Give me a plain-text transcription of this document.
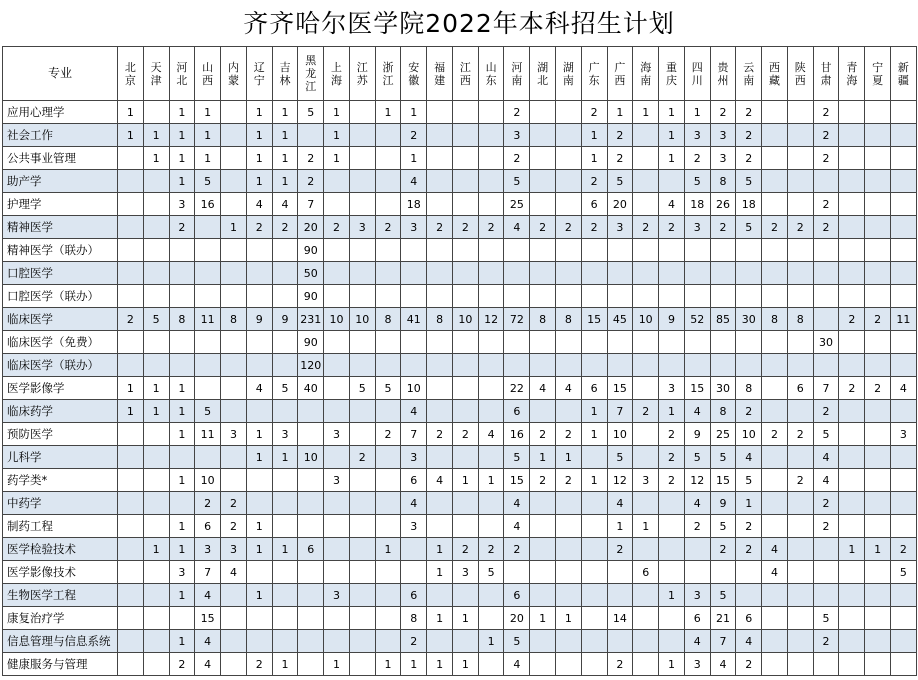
齐齐哈尔医学院2022年本科招生计划
专业	北京	天津	河北	山西	内蒙	辽宁	吉林	黑龙江	上海	江苏	浙江	安徽	福建	江西	山东	河南	湖北	湖南	广东	广西	海南	重庆	四川	贵州	云南	西藏	陕西	甘肃	青海	宁夏	新疆
应用心理学	1		1	1		1	1	5	1		1	1				2			2	1	1	1	1	2	2			2			
社会工作	1	1	1	1		1	1		1			2				3			1	2		1	3	3	2			2			
公共事业管理		1	1	1		1	1	2	1			1				2			1	2		1	2	3	2			2			
助产学			1	5		1	1	2				4				5			2	5			5	8	5						
护理学			3	16		4	4	7				18				25			6	20		4	18	26	18			2			
精神医学			2		1	2	2	20	2	3	2	3	2	2	2	4	2	2	2	3	2	2	3	2	5	2	2	2			
精神医学（联办）								90																							
口腔医学								50																							
口腔医学（联办）								90																							
临床医学	2	5	8	11	8	9	9	231	10	10	8	41	8	10	12	72	8	8	15	45	10	9	52	85	30	8	8		2	2	11
临床医学（免费）								90																				30			
临床医学（联办）								120																							
医学影像学	1	1	1			4	5	40		5	5	10				22	4	4	6	15		3	15	30	8		6	7	2	2	4
临床药学	1	1	1	5								4				6			1	7	2	1	4	8	2			2			
预防医学			1	11	3	1	3		3		2	7	2	2	4	16	2	2	1	10		2	9	25	10	2	2	5			3
儿科学						1	1	10		2		3				5	1	1		5		2	5	5	4			4			
药学类*			1	10					3			6	4	1	1	15	2	2	1	12	3	2	12	15	5		2	4			
中药学				2	2							4				4				4			4	9	1			2			
制药工程			1	6	2	1						3				4				1	1		2	5	2			2			
医学检验技术		1	1	3	3	1	1	6			1		1	2	2	2				2				2	2	4			1	1	2
医学影像技术			3	7	4								1	3	5						6					4					5
生物医学工程			1	4		1			3			6				6						1	3	5							
康复治疗学				15								8	1	1		20	1	1		14			6	21	6			5			
信息管理与信息系统			1	4								2			1	5							4	7	4			2			
健康服务与管理			2	4		2	1		1		1	1	1	1		4				2		1	3	4	2						
